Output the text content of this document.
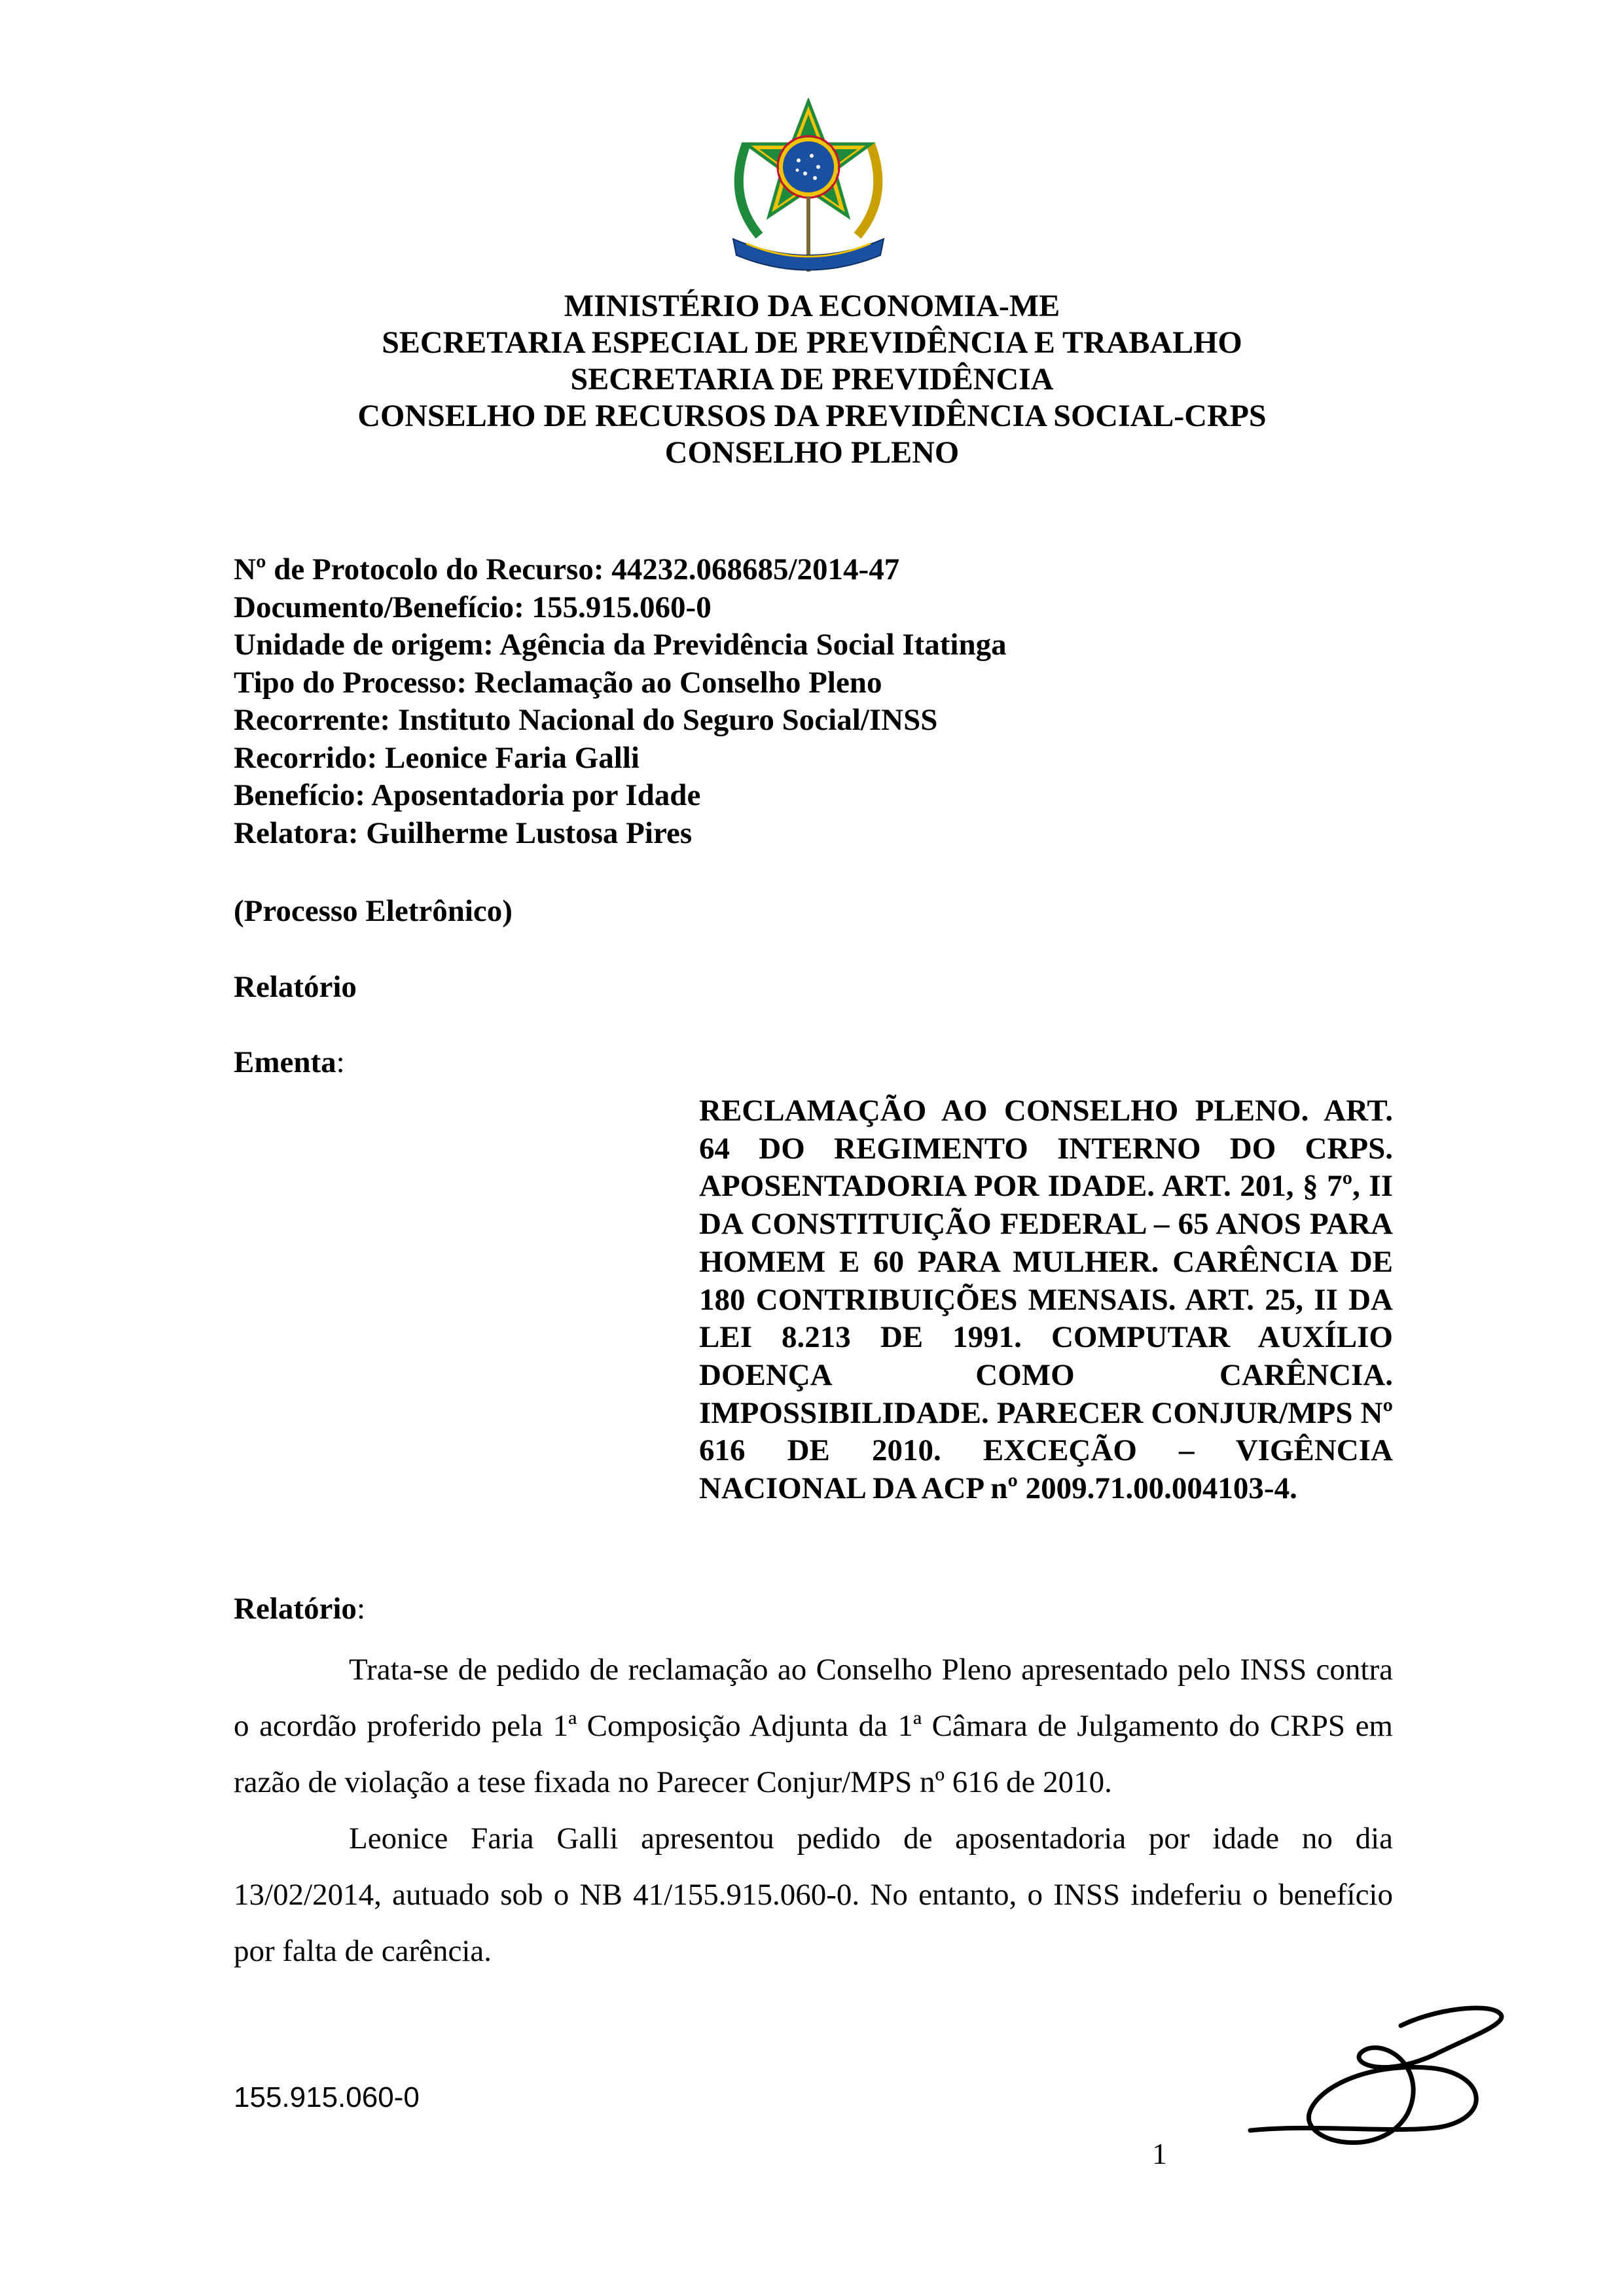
MINISTÉRIO DA ECONOMIA-ME
SECRETARIA ESPECIAL DE PREVIDÊNCIA E TRABALHO
SECRETARIA DE PREVIDÊNCIA
CONSELHO DE RECURSOS DA PREVIDÊNCIA SOCIAL-CRPS
CONSELHO PLENO
Nº de Protocolo do Recurso: 44232.068685/2014-47
Documento/Benefício: 155.915.060-0
Unidade de origem: Agência da Previdência Social Itatinga
Tipo do Processo: Reclamação ao Conselho Pleno
Recorrente: Instituto Nacional do Seguro Social/INSS
Recorrido: Leonice Faria Galli
Benefício: Aposentadoria por Idade
Relatora: Guilherme Lustosa Pires
(Processo Eletrônico)
Relatório
Ementa:
RECLAMAÇÃO AO CONSELHO PLENO. ART. 64 DO REGIMENTO INTERNO DO CRPS. APOSENTADORIA POR IDADE. ART. 201, § 7º, II DA CONSTITUIÇÃO FEDERAL – 65 ANOS PARA HOMEM E 60 PARA MULHER. CARÊNCIA DE 180 CONTRIBUIÇÕES MENSAIS. ART. 25, II DA LEI 8.213 DE 1991. COMPUTAR AUXÍLIO DOENÇA COMO CARÊNCIA. IMPOSSIBILIDADE. PARECER CONJUR/MPS Nº 616 DE 2010. EXCEÇÃO – VIGÊNCIA NACIONAL DA ACP nº 2009.71.00.004103-4.
Relatório:

Trata-se de pedido de reclamação ao Conselho Pleno apresentado pelo INSS contra o acordão proferido pela 1ª Composição Adjunta da 1ª Câmara de Julgamento do CRPS em razão de violação a tese fixada no Parecer Conjur/MPS nº 616 de 2010.

Leonice Faria Galli apresentou pedido de aposentadoria por idade no dia 13/02/2014, autuado sob o NB 41/155.915.060-0. No entanto, o INSS indeferiu o benefício por falta de carência.

155.915.060-0
1
